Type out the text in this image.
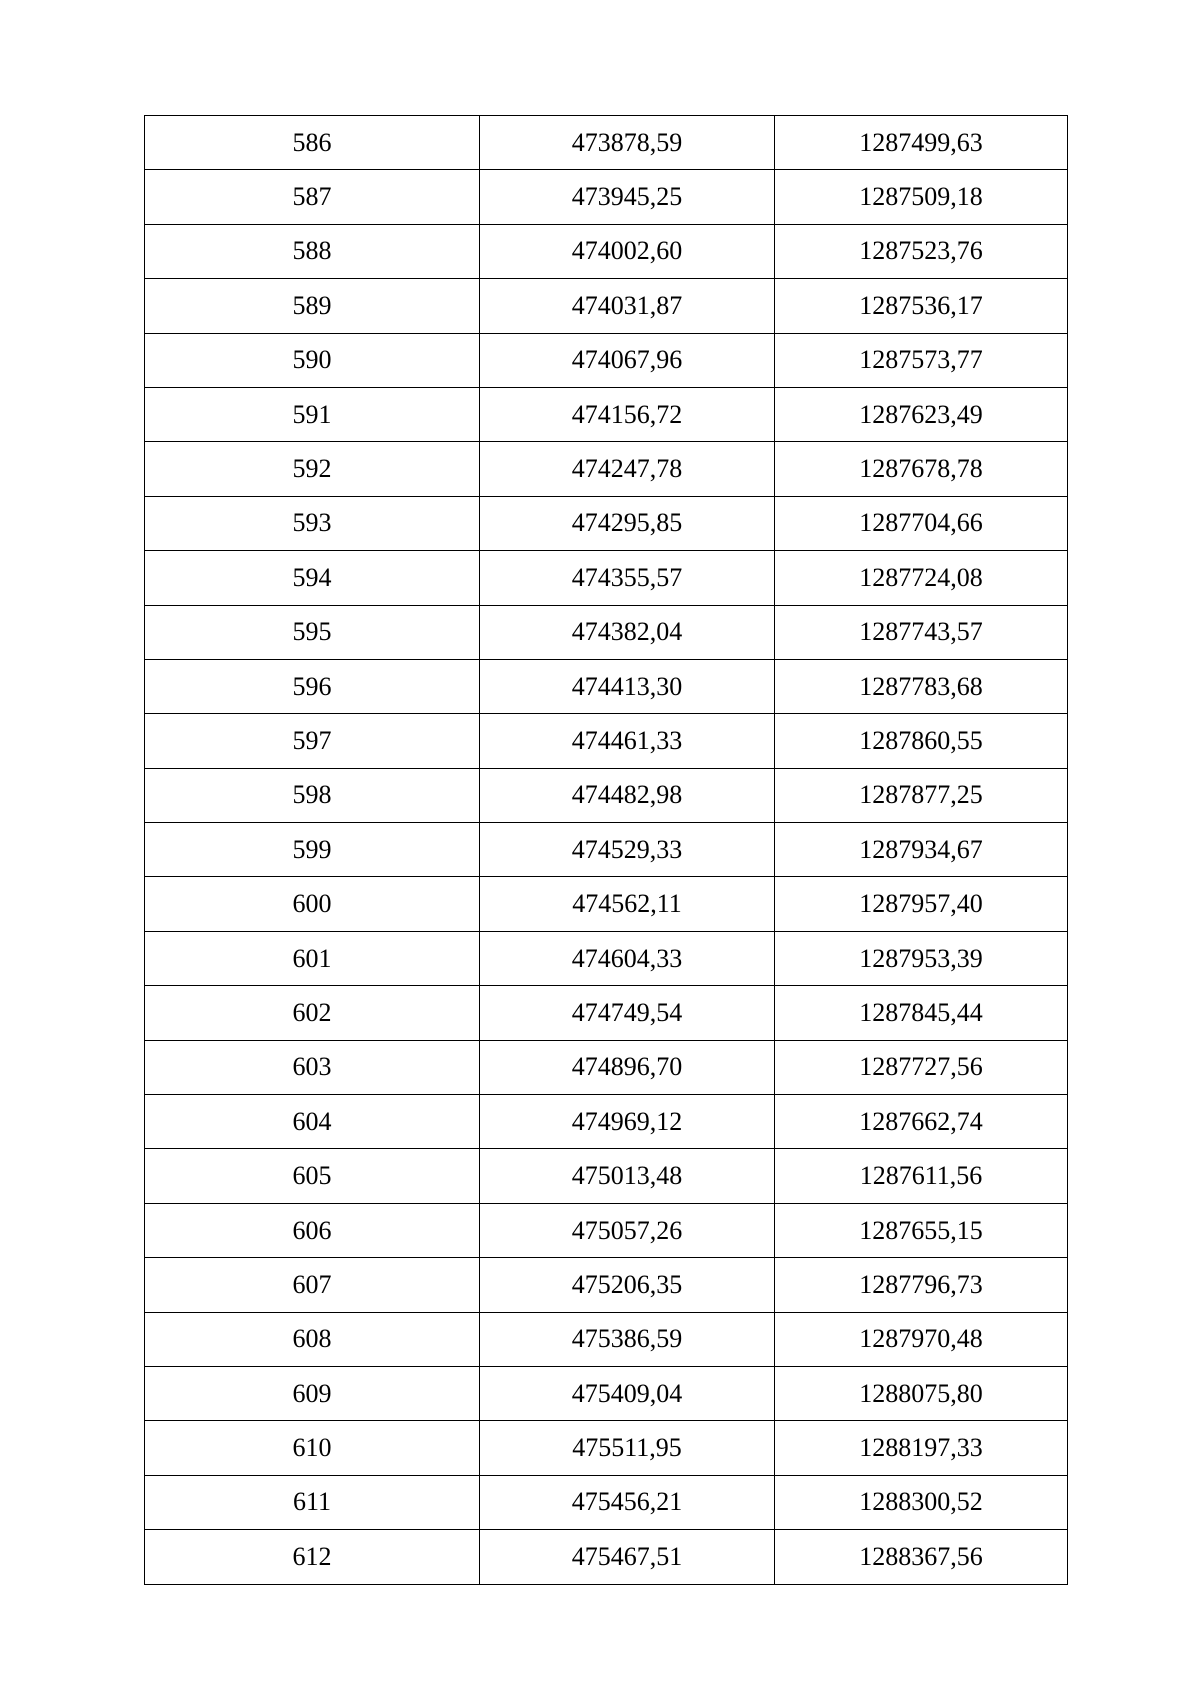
586	473878,59	1287499,63
587	473945,25	1287509,18
588	474002,60	1287523,76
589	474031,87	1287536,17
590	474067,96	1287573,77
591	474156,72	1287623,49
592	474247,78	1287678,78
593	474295,85	1287704,66
594	474355,57	1287724,08
595	474382,04	1287743,57
596	474413,30	1287783,68
597	474461,33	1287860,55
598	474482,98	1287877,25
599	474529,33	1287934,67
600	474562,11	1287957,40
601	474604,33	1287953,39
602	474749,54	1287845,44
603	474896,70	1287727,56
604	474969,12	1287662,74
605	475013,48	1287611,56
606	475057,26	1287655,15
607	475206,35	1287796,73
608	475386,59	1287970,48
609	475409,04	1288075,80
610	475511,95	1288197,33
611	475456,21	1288300,52
612	475467,51	1288367,56
